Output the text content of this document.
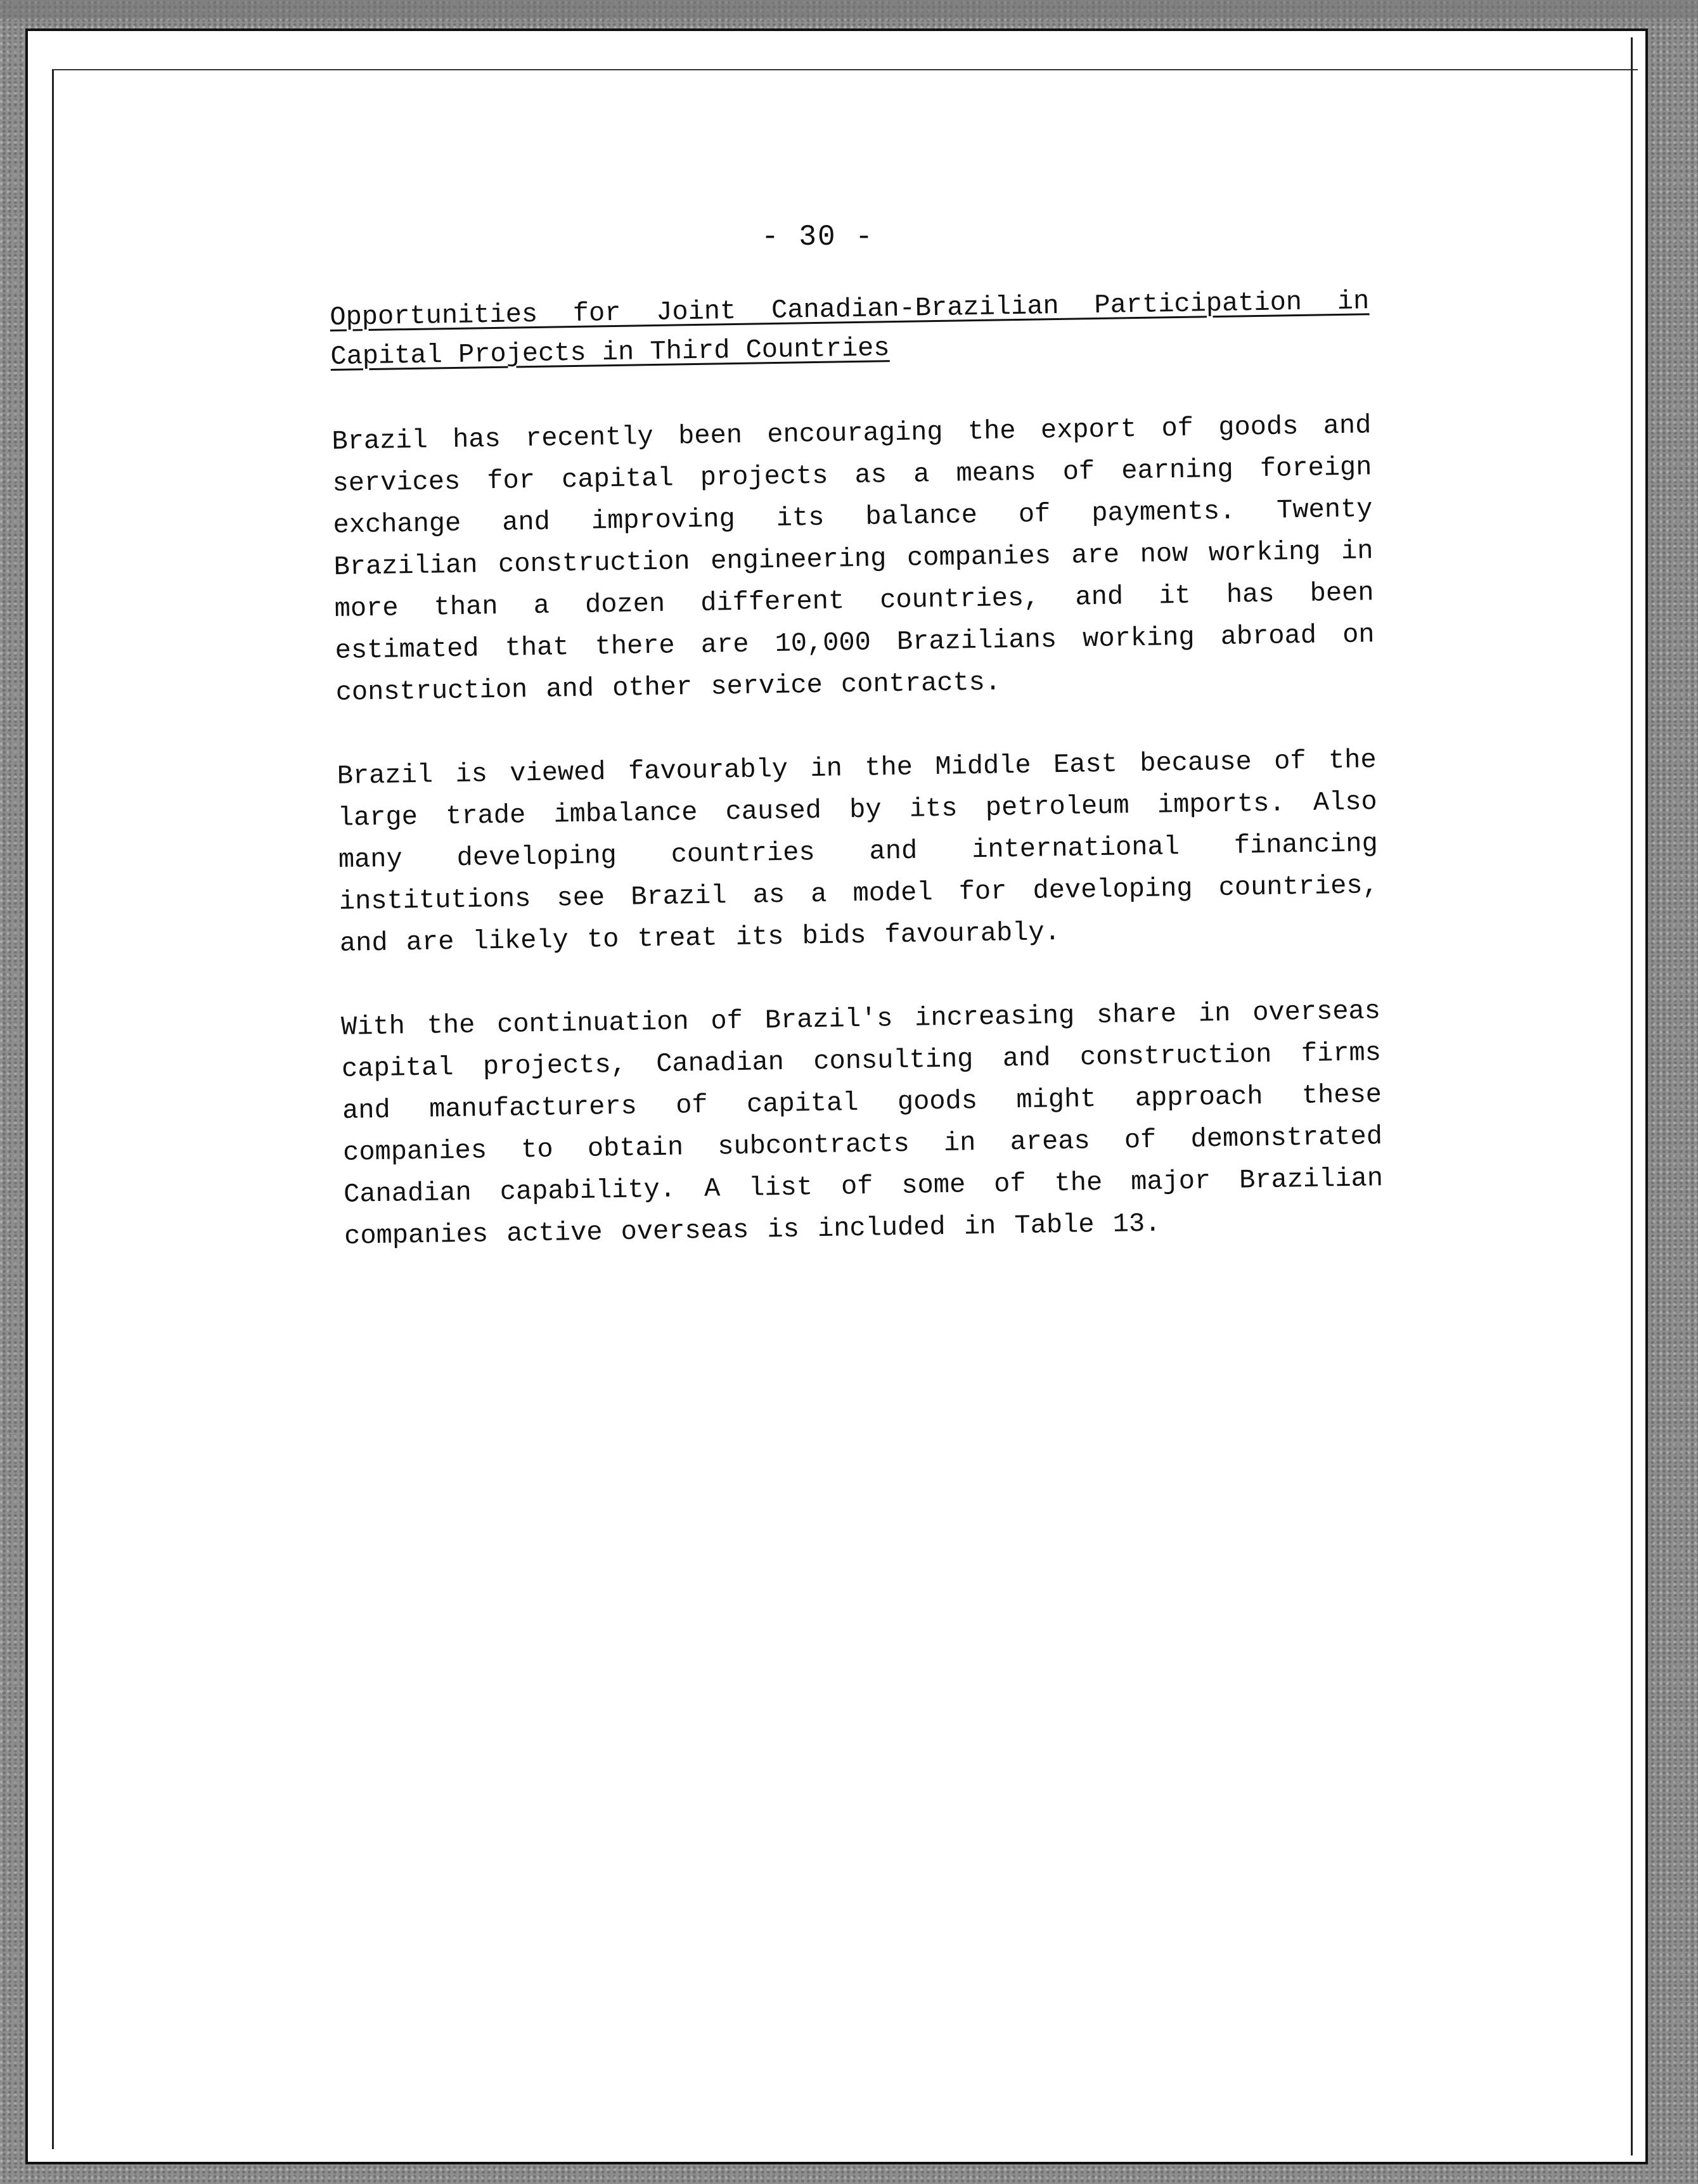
- 30 -
Opportunities for Joint Canadian-Brazilian Participation in
Capital Projects in Third Countries

Brazil has recently been encouraging the export of goods and services for capital projects as a means of earning foreign exchange and improving its balance of payments. Twenty Brazilian construction engineering companies are now working in more than a dozen different countries, and it has been estimated that there are 10,000 Brazilians working abroad on construction and other service contracts.

Brazil is viewed favourably in the Middle East because of the large trade imbalance caused by its petroleum imports. Also many developing countries and international financing institutions see Brazil as a model for developing countries, and are likely to treat its bids favourably.

With the continuation of Brazil's increasing share in overseas capital projects, Canadian consulting and construction firms and manufacturers of capital goods might approach these companies to obtain subcontracts in areas of demonstrated Canadian capability. A list of some of the major Brazilian companies active overseas is included in Table 13.
